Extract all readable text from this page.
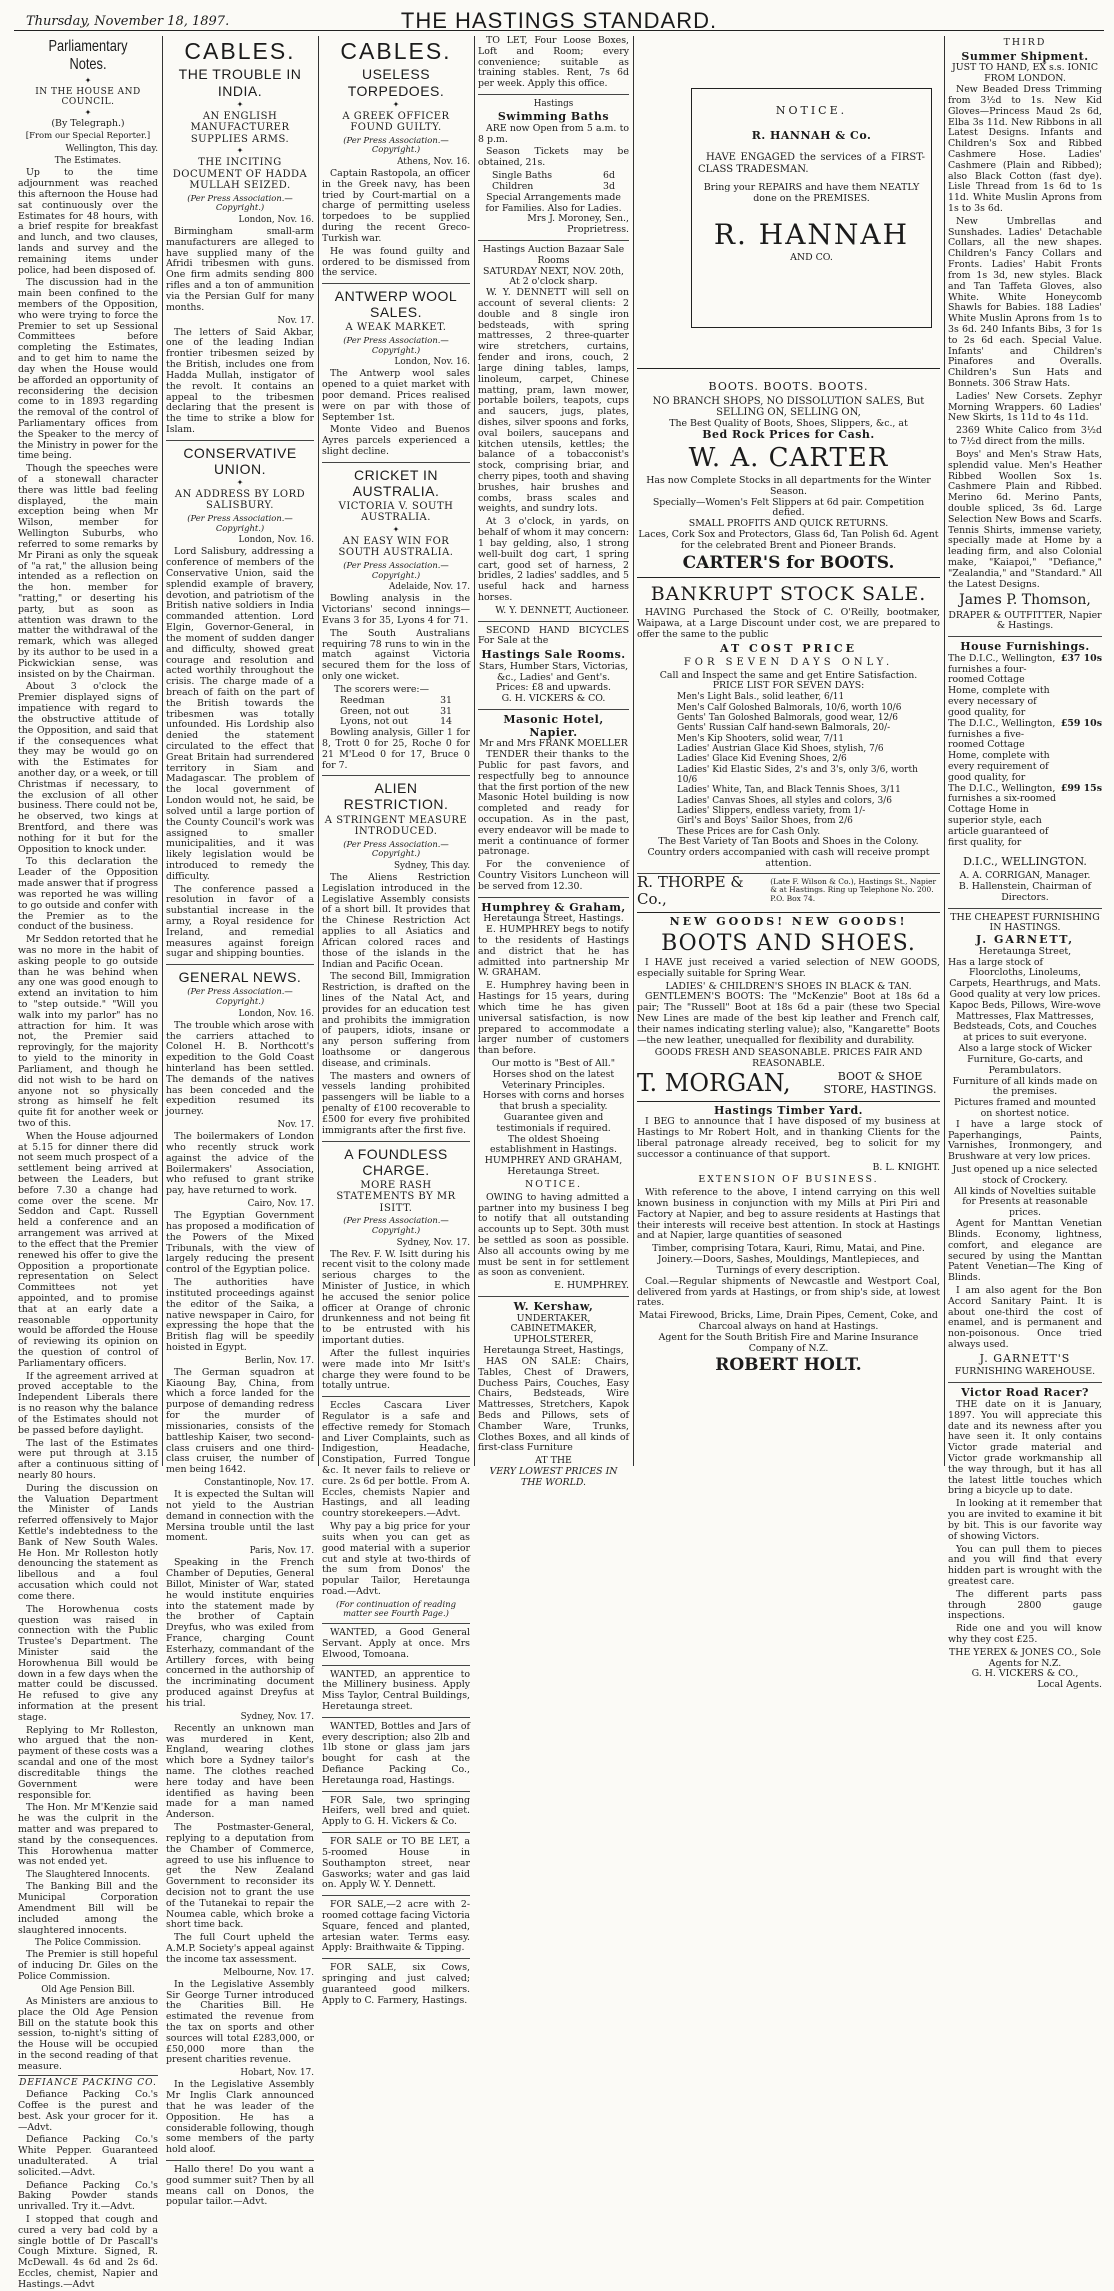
Thursday, November 18, 1897.	THE HASTINGS STANDARD.
Parliamentary Notes.
✦
IN THE HOUSE AND COUNCIL.
✦
(By Telegraph.)
[From our Special Reporter.]
Wellington, This day.
The Estimates.

Up to the time adjournment was reached this afternoon the House had sat continuously over the Estimates for 48 hours, with a brief respite for breakfast and lunch, and two clauses, lands and survey and the remaining items under police, had been disposed of.

The discussion had in the main been confined to the members of the Opposition, who were trying to force the Premier to set up Sessional Committees before completing the Estimates, and to get him to name the day when the House would be afforded an opportunity of reconsidering the decision come to in 1893 regarding the removal of the control of Parliamentary offices from the Speaker to the mercy of the Ministry in power for the time being.

Though the speeches were of a stonewall character there was little bad feeling displayed, the main exception being when Mr Wilson, member for Wellington Suburbs, who referred to some remarks by Mr Pirani as only the squeak of "a rat," the allusion being intended as a reflection on the hon. member for "ratting," or deserting his party, but as soon as attention was drawn to the matter the withdrawal of the remark, which was alleged by its author to be used in a Pickwickian sense, was insisted on by the Chairman.

About 3 o'clock the Premier displayed signs of impatience with regard to the obstructive attitude of the Opposition, and said that if the consequences what they may be would go on with the Estimates for another day, or a week, or till Christmas if necessary, to the exclusion of all other business. There could not be, he observed, two kings at Brentford, and there was nothing for it but for the Opposition to knock under.

To this declaration the Leader of the Opposition made answer that if progress was reported he was willing to go outside and confer with the Premier as to the conduct of the business.

Mr Seddon retorted that he was no more in the habit of asking people to go outside than he was behind when any one was good enough to extend an invitation to him to "step outside." "Will you walk into my parlor" has no attraction for him. It was not, the Premier said reprovingly, for the majority to yield to the minority in Parliament, and though he did not wish to be hard on anyone not so physically strong as himself he felt quite fit for another week or two of this.

When the House adjourned at 5.15 for dinner there did not seem much prospect of a settlement being arrived at between the Leaders, but before 7.30 a change had come over the scene. Mr Seddon and Capt. Russell held a conference and an arrangement was arrived at to the effect that the Premier renewed his offer to give the Opposition a proportionate representation on Select Committees not yet appointed, and to promise that at an early date a reasonable opportunity would be afforded the House of reviewing its opinion on the question of control of Parliamentary officers.

If the agreement arrived at proved acceptable to the Independent Liberals there is no reason why the balance of the Estimates should not be passed before daylight.

The last of the Estimates were put through at 3.15 after a continuous sitting of nearly 80 hours.

During the discussion on the Valuation Department the Minister of Lands referred offensively to Major Kettle's indebtedness to the Bank of New South Wales. He Hon. Mr Rolleston hotly denouncing the statement as libellous and a foul accusation which could not come there.

The Horowhenua costs question was raised in connection with the Public Trustee's Department. The Minister said the Horowhenua Bill would be down in a few days when the matter could be discussed. He refused to give any information at the present stage.

Replying to Mr Rolleston, who argued that the non-payment of these costs was a scandal and one of the most discreditable things the Government were responsible for.

The Hon. Mr M'Kenzie said he was the culprit in the matter and was prepared to stand by the consequences. This Horowhenua matter was not ended yet.

The Slaughtered Innocents.

The Banking Bill and the Municipal Corporation Amendment Bill will be included among the slaughtered innocents.

The Police Commission.

The Premier is still hopeful of inducing Dr. Giles on the Police Commission.

Old Age Pension Bill.

As Ministers are anxious to place the Old Age Pension Bill on the statute book this session, to-night's sitting of the House will be occupied in the second reading of that measure.

DEFIANCE PACKING CO.

Defiance Packing Co.'s Coffee is the purest and best. Ask your grocer for it.—Advt.

Defiance Packing Co.'s White Pepper. Guaranteed unadulterated. A trial solicited.—Advt.

Defiance Packing Co.'s Baking Powder stands unrivalled. Try it.—Advt.

I stopped that cough and cured a very bad cold by a single bottle of Dr Pascall's Cough Mixture. Signed, R. McDewall. 4s 6d and 2s 6d. Eccles, chemist, Napier and Hastings.—Advt

CABLES.
THE TROUBLE IN INDIA.
✦
AN ENGLISH MANUFACTURER SUPPLIES ARMS.
✦
THE INCITING DOCUMENT OF HADDA MULLAH SEIZED.
(Per Press Association.—Copyright.)
London, Nov. 16.

Birmingham small-arm manufacturers are alleged to have supplied many of the Afridi tribesmen with guns. One firm admits sending 800 rifles and a ton of ammunition via the Persian Gulf for many months.

Nov. 17.

The letters of Said Akbar, one of the leading Indian frontier tribesmen seized by the British, includes one from Hadda Mullah, instigator of the revolt. It contains an appeal to the tribesmen declaring that the present is the time to strike a blow for Islam.

CONSERVATIVE UNION.
✦
AN ADDRESS BY LORD SALISBURY.
(Per Press Association.—Copyright.)
London, Nov. 16.

Lord Salisbury, addressing a conference of members of the Conservative Union, said the splendid example of bravery, devotion, and patriotism of the British native soldiers in India commanded attention. Lord Elgin, Governor-General, in the moment of sudden danger and difficulty, showed great courage and resolution and acted worthily throughout the crisis. The charge made of a breach of faith on the part of the British towards the tribesmen was totally unfounded. His Lordship also denied the statement circulated to the effect that Great Britain had surrendered territory in Siam and Madagascar. The problem of the local government of London would not, he said, be solved until a large portion of the County Council's work was assigned to smaller municipalities, and it was likely legislation would be introduced to remedy the difficulty.

The conference passed a resolution in favor of a substantial increase in the army, a Royal residence for Ireland, and remedial measures against foreign sugar and shipping bounties.

GENERAL NEWS.
(Per Press Association.—Copyright.)
London, Nov. 16.

The trouble which arose with the carriers attached to Colonel H. B. Northcott's expedition to the Gold Coast hinterland has been settled. The demands of the natives has been conceded and the expedition resumed its journey.

Nov. 17.

The boilermakers of London who recently struck work against the advice of the Boilermakers' Association, who refused to grant strike pay, have returned to work.

Cairo, Nov. 17.

The Egyptian Government has proposed a modification of the Powers of the Mixed Tribunals, with the view of largely reducing the present control of the Egyptian police.

The authorities have instituted proceedings against the editor of the Saika, a native newspaper in Cairo, for expressing the hope that the British flag will be speedily hoisted in Egypt.

Berlin, Nov. 17.

The German squadron at Kiaoung Bay, China, from which a force landed for the purpose of demanding redress for the murder of missionaries, consists of the battleship Kaiser, two second-class cruisers and one third-class cruiser, the number of men being 1642.

Constantinople, Nov. 17.

It is expected the Sultan will not yield to the Austrian demand in connection with the Mersina trouble until the last moment.

Paris, Nov. 17.

Speaking in the French Chamber of Deputies, General Billot, Minister of War, stated he would institute enquiries into the statement made by the brother of Captain Dreyfus, who was exiled from France, charging Count Esterhazy, commandant of the Artillery forces, with being concerned in the authorship of the incriminating document produced against Dreyfus at his trial.

Sydney, Nov. 17.

Recently an unknown man was murdered in Kent, England, wearing clothes which bore a Sydney tailor's name. The clothes reached here today and have been identified as having been made for a man named Anderson.

The Postmaster-General, replying to a deputation from the Chamber of Commerce, agreed to use his influence to get the New Zealand Government to reconsider its decision not to grant the use of the Tutanekai to repair the Noumea cable, which broke a short time back.

The full Court upheld the A.M.P. Society's appeal against the income tax assessment.

Melbourne, Nov. 17.

In the Legislative Assembly Sir George Turner introduced the Charities Bill. He estimated the revenue from the tax on sports and other sources will total £283,000, or £50,000 more than the present charities revenue.

Hobart, Nov. 17.

In the Legislative Assembly Mr Inglis Clark announced that he was leader of the Opposition. He has a considerable following, though some members of the party hold aloof.

Hallo there! Do you want a good summer suit? Then by all means call on Donos, the popular tailor.—Advt.

CABLES.
USELESS TORPEDOES.
✦
A GREEK OFFICER FOUND GUILTY.
(Per Press Association.—Copyright.)
Athens, Nov. 16.

Captain Rastopola, an officer in the Greek navy, has been tried by Court-martial on a charge of permitting useless torpedoes to be supplied during the recent Greco-Turkish war.

He was found guilty and ordered to be dismissed from the service.

ANTWERP WOOL SALES.
A WEAK MARKET.
(Per Press Association.—Copyright.)
London, Nov. 16.

The Antwerp wool sales opened to a quiet market with poor demand. Prices realised were on par with those of September 1st.

Monte Video and Buenos Ayres parcels experienced a slight decline.

CRICKET IN AUSTRALIA.
VICTORIA V. SOUTH AUSTRALIA.
✦
AN EASY WIN FOR SOUTH AUSTRALIA.
(Per Press Association.—Copyright.)
Adelaide, Nov. 17.

Bowling analysis in the Victorians' second innings—Evans 3 for 35, Lyons 4 for 71.

The South Australians requiring 78 runs to win in the match against Victoria secured them for the loss of only one wicket.

The scorers were:—
Reedman	31
Green, not out	31
Lyons, not out	14

Bowling analysis, Giller 1 for 8, Trott 0 for 25, Roche 0 for 21 M'Leod 0 for 17, Bruce 0 for 7.

ALIEN RESTRICTION.
A STRINGENT MEASURE INTRODUCED.
(Per Press Association.—Copyright.)
Sydney, This day.

The Aliens Restriction Legislation introduced in the Legislative Assembly consists of a short bill. It provides that the Chinese Restriction Act applies to all Asiatics and African colored races and those of the islands in the Indian and Pacific Ocean.

The second Bill, Immigration Restriction, is drafted on the lines of the Natal Act, and provides for an education test and prohibits the immigration of paupers, idiots, insane or any person suffering from loathsome or dangerous disease, and criminals.

The masters and owners of vessels landing prohibited passengers will be liable to a penalty of £100 recoverable to £500 for every five prohibited immigrants after the first five.

A FOUNDLESS CHARGE.
MORE RASH STATEMENTS BY MR ISITT.
(Per Press Association.—Copyright.)
Sydney, Nov. 17.

The Rev. F. W. Isitt during his recent visit to the colony made serious charges to the Minister of Justice, in which he accused the senior police officer at Orange of chronic drunkenness and not being fit to be entrusted with his important duties.

After the fullest inquiries were made into Mr Isitt's charge they were found to be totally untrue.

Eccles Cascara Liver Regulator is a safe and effective remedy for Stomach and Liver Complaints, such as Indigestion, Headache, Constipation, Furred Tongue &c. It never fails to relieve or cure. 2s 6d per bottle. From A. Eccles, chemists Napier and Hastings, and all leading country storekeepers.—Advt.

Why pay a big price for your suits when you can get as good material with a superior cut and style at two-thirds of the sum from Donos' the popular Tailor, Heretaunga road.—Advt.

(For continuation of reading matter see Fourth Page.)

WANTED, a Good General Servant. Apply at once. Mrs Elwood, Tomoana.

WANTED, an apprentice to the Millinery business. Apply Miss Taylor, Central Buildings, Heretaunga street.

WANTED, Bottles and Jars of every description; also 2lb and 1lb stone or glass jam jars bought for cash at the Defiance Packing Co., Heretaunga road, Hastings.

FOR Sale, two springing Heifers, well bred and quiet. Apply to G. H. Vickers & Co.

FOR SALE or TO BE LET, a 5-roomed House in Southampton street, near Gasworks; water and gas laid on. Apply W. Y. Dennett.

FOR SALE,—2 acre with 2-roomed cottage facing Victoria Square, fenced and planted, artesian water. Terms easy. Apply: Braithwaite & Tipping.

FOR SALE, six Cows, springing and just calved; guaranteed good milkers. Apply to C. Farmery, Hastings.

TO LET, Four Loose Boxes, Loft and Room; every convenience; suitable as training stables. Rent, 7s 6d per week. Apply this office.

Hastings
Swimming Baths

ARE now Open from 5 a.m. to 8 p.m.

Season Tickets may be obtained, 21s.

Single Baths	6d
Children	3d
Special Arrangements made for Families. Also for Ladies.
Mrs J. Moroney, Sen., Proprietress.
Hastings Auction Bazaar Sale Rooms
SATURDAY NEXT, NOV. 20th, At 2 o'clock sharp.

W. Y. DENNETT will sell on account of several clients: 2 double and 8 single iron bedsteads, with spring mattresses, 2 three-quarter wire stretchers, curtains, fender and irons, couch, 2 large dining tables, lamps, linoleum, carpet, Chinese matting, pram, lawn mower, portable boilers, teapots, cups and saucers, jugs, plates, dishes, silver spoons and forks, oval boilers, saucepans and kitchen utensils, kettles; the balance of a tobacconist's stock, comprising briar, and cherry pipes, tooth and shaving brushes, hair brushes and combs, brass scales and weights, and sundry lots.

At 3 o'clock, in yards, on behalf of whom it may concern: 1 bay gelding, also, 1 strong well-built dog cart, 1 spring cart, good set of harness, 2 bridles, 2 ladies' saddles, and 5 useful hack and harness horses.

W. Y. DENNETT, Auctioneer.

SECOND HAND BICYCLES For Sale at the

Hastings Sale Rooms.
Stars, Humber Stars, Victorias, &c., Ladies' and Gent's.
Prices: £8 and upwards.
G. H. VICKERS & CO.
Masonic Hotel, Napier.
Mr and Mrs FRANK MOELLER

TENDER their thanks to the Public for past favors, and respectfully beg to announce that the first portion of the new Masonic Hotel building is now completed and ready for occupation. As in the past, every endeavor will be made to merit a continuance of former patronage.

For the convenience of Country Visitors Luncheon will be served from 12.30.

Humphrey & Graham,
Heretaunga Street, Hastings.

E. HUMPHREY begs to notify to the residents of Hastings and district that he has admitted into partnership Mr W. GRAHAM.

E. Humphrey having been in Hastings for 15 years, during which time he has given universal satisfaction, is now prepared to accommodate a larger number of customers than before.

Our motto is "Best of All."
Horses shod on the latest Veterinary Principles.
Horses with corns and horses that brush a speciality.
Guarantee given and testimonials if required.
The oldest Shoeing establishment in Hastings.
HUMPHREY AND GRAHAM, Heretaunga Street.
NOTICE.

OWING to having admitted a partner into my business I beg to notify that all outstanding accounts up to Sept. 30th must be settled as soon as possible. Also all accounts owing by me must be sent in for settlement as soon as convenient.

E. HUMPHREY.
W. Kershaw,
UNDERTAKER, CABINETMAKER, UPHOLSTERER,
Heretaunga Street, Hastings,

HAS ON SALE: Chairs, Tables, Chest of Drawers, Duchess Pairs, Couches, Easy Chairs, Bedsteads, Wire Mattresses, Stretchers, Kapok Beds and Pillows, sets of Chamber Ware, Trunks, Clothes Boxes, and all kinds of first-class Furniture

AT THE
VERY LOWEST PRICES IN THE WORLD.
NOTICE.
R. HANNAH & Co.

HAVE ENGAGED the services of a FIRST-CLASS TRADESMAN.

Bring your REPAIRS and have them NEATLY done on the PREMISES.
R. HANNAH
AND CO.
BOOTS. BOOTS. BOOTS.
NO BRANCH SHOPS, NO DISSOLUTION SALES, But SELLING ON, SELLING ON,
The Best Quality of Boots, Shoes, Slippers, &c., at
Bed Rock Prices for Cash.
W. A. CARTER
Has now Complete Stocks in all departments for the Winter Season.
Specially—Women's Felt Slippers at 6d pair. Competition defied.
SMALL PROFITS AND QUICK RETURNS.
Laces, Cork Sox and Protectors, Glass 6d, Tan Polish 6d. Agent for the celebrated Brent and Pioneer Brands.
CARTER'S for BOOTS.
BANKRUPT STOCK SALE.

HAVING Purchased the Stock of C. O'Reilly, bootmaker, Waipawa, at a Large Discount under cost, we are prepared to offer the same to the public

AT COST PRICE
FOR SEVEN DAYS ONLY.
Call and Inspect the same and get Entire Satisfaction.
PRICE LIST FOR SEVEN DAYS:
Men's Light Bals., solid leather, 6/11
Men's Calf Goloshed Balmorals, 10/6, worth 10/6
Gents' Tan Goloshed Balmorals, good wear, 12/6
Gents' Russian Calf hand-sewn Balmorals, 20/-
Men's Kip Shooters, solid wear, 7/11
Ladies' Austrian Glace Kid Shoes, stylish, 7/6
Ladies' Glace Kid Evening Shoes, 2/6
Ladies' Kid Elastic Sides, 2's and 3's, only 3/6, worth 10/6
Ladies' White, Tan, and Black Tennis Shoes, 3/11
Ladies' Canvas Shoes, all styles and colors, 3/6
Ladies' Slippers, endless variety, from 1/-
Girl's and Boys' Sailor Shoes, from 2/6
These Prices are for Cash Only.
The Best Variety of Tan Boots and Shoes in the Colony.
Country orders accompanied with cash will receive prompt attention.
R. THORPE & Co.,
(Late F. Wilson & Co.), Hastings St., Napier & at Hastings. Ring up Telephone No. 200. P.O. Box 74.
NEW GOODS! NEW GOODS!
BOOTS AND SHOES.

I HAVE just received a varied selection of NEW GOODS, especially suitable for Spring Wear.

LADIES' & CHILDREN'S SHOES IN BLACK & TAN.

GENTLEMEN'S BOOTS: The "McKenzie" Boot at 18s 6d a pair; The "Russell" Boot at 18s 6d a pair (these two Special New Lines are made of the best kip leather and French calf, their names indicating sterling value); also, "Kangarette" Boots—the new leather, unequalled for flexibility and durability.

GOODS FRESH AND SEASONABLE. PRICES FAIR AND REASONABLE.
T. MORGAN,	BOOT & SHOE STORE, HASTINGS.
Hastings Timber Yard.

I BEG to announce that I have disposed of my business at Hastings to Mr Robert Holt, and in thanking Clients for the liberal patronage already received, beg to solicit for my successor a continuance of that support.

B. L. KNIGHT.
EXTENSION OF BUSINESS.

With reference to the above, I intend carrying on this well known business in conjunction with my Mills at Piri Piri and Factory at Napier, and beg to assure residents at Hastings that their interests will receive best attention. In stock at Hastings and at Napier, large quantities of seasoned

Timber, comprising Totara, Kauri, Rimu, Matai, and Pine.
Joinery.—Doors, Sashes, Mouldings, Mantlepieces, and Turnings of every description.

Coal.—Regular shipments of Newcastle and Westport Coal, delivered from yards at Hastings, or from ship's side, at lowest rates.

Matai Firewood, Bricks, Lime, Drain Pipes, Cement, Coke, and Charcoal always on hand at Hastings.
Agent for the South British Fire and Marine Insurance Company of N.Z.
ROBERT HOLT.
THIRD
Summer Shipment.
JUST TO HAND, EX s.s. IONIC FROM LONDON.

New Beaded Dress Trimming from 3½d to 1s. New Kid Gloves—Princess Maud 2s 6d, Elba 3s 11d. New Ribbons in all Latest Designs. Infants and Children's Sox and Ribbed Cashmere Hose. Ladies' Cashmere (Plain and Ribbed); also Black Cotton (fast dye). Lisle Thread from 1s 6d to 1s 11d. White Muslin Aprons from 1s to 3s 6d.

New Umbrellas and Sunshades. Ladies' Detachable Collars, all the new shapes. Children's Fancy Collars and Fronts. Ladies' Habit Fronts from 1s 3d, new styles. Black and Tan Taffeta Gloves, also White. White Honeycomb Shawls for Babies. 188 Ladies' White Muslin Aprons from 1s to 3s 6d. 240 Infants Bibs, 3 for 1s to 2s 6d each. Special Value. Infants' and Children's Pinafores and Overalls. Children's Sun Hats and Bonnets. 306 Straw Hats.

Ladies' New Corsets. Zephyr Morning Wrappers. 60 Ladies' New Skirts, 1s 11d to 4s 11d.

2369 White Calico from 3½d to 7½d direct from the mills.

Boys' and Men's Straw Hats, splendid value. Men's Heather Ribbed Woollen Sox 1s. Cashmere Plain and Ribbed. Merino 6d. Merino Pants, double spliced, 3s 6d. Large Selection New Bows and Scarfs. Tennis Shirts, immense variety, specially made at Home by a leading firm, and also Colonial make, "Kaiapoi," "Defiance," "Zealandia," and "Standard." All the Latest Designs.

James P. Thomson,
DRAPER & OUTFITTER, Napier & Hastings.
House Furnishings.
The D.I.C., Wellington, furnishes a four-roomed Cottage Home, complete with every necessary of good quality, for
£37 10s
The D.I.C., Wellington, furnishes a five-roomed Cottage Home, complete with every requirement of good quality, for
£59 10s
The D.I.C., Wellington, furnishes a six-roomed Cottage Home in superior style, each article guaranteed of first quality, for
£99 15s
D.I.C., WELLINGTON.
A. A. CORRIGAN, Manager.
B. Hallenstein, Chairman of Directors.
THE CHEAPEST FURNISHING IN HASTINGS.
J. GARNETT,
Heretaunga Street,
Has a large stock of
Floorcloths, Linoleums, Carpets, Hearthrugs, and Mats. Good quality at very low prices.
Kapoc Beds, Pillows, Wire-wove Mattresses, Flax Mattresses, Bedsteads, Cots, and Couches at prices to suit everyone.
Also a large stock of Wicker Furniture, Go-carts, and Perambulators.
Furniture of all kinds made on the premises.
Pictures framed and mounted on shortest notice.

I have a large stock of Paperhangings, Paints, Varnishes, Ironmongery, and Brushware at very low prices.

Just opened up a nice selected stock of Crockery.
All kinds of Novelties suitable for Presents at reasonable prices.

Agent for Manttan Venetian Blinds. Economy, lightness, comfort, and elegance are secured by using the Manttan Patent Venetian—The King of Blinds.

I am also agent for the Bon Accord Sanitary Paint. It is about one-third the cost of enamel, and is permanent and non-poisonous. Once tried always used.

J. GARNETT'S
FURNISHING WAREHOUSE.
Victor Road Racer?

THE date on it is January, 1897. You will appreciate this date and its newness after you have seen it. It only contains Victor grade material and Victor grade workmanship all the way through, but it has all the latest little touches which bring a bicycle up to date.

In looking at it remember that you are invited to examine it bit by bit. This is our favorite way of showing Victors.

You can pull them to pieces and you will find that every hidden part is wrought with the greatest care.

The different parts pass through 2800 gauge inspections.

Ride one and you will know why they cost £25.

THE YEREX & JONES CO., Sole Agents for N.Z.
G. H. VICKERS & CO.,
Local Agents.
